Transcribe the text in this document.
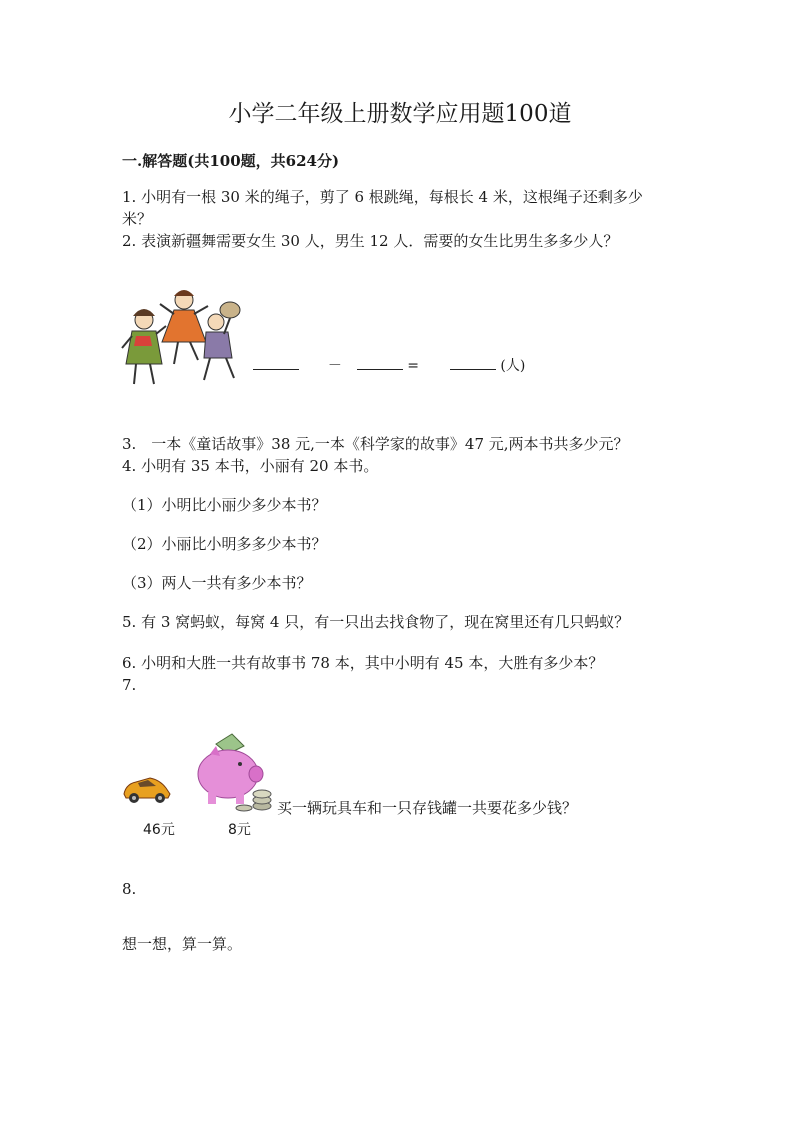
小学二年级上册数学应用题100道
一.解答题(共100题，共624分)
1. 小明有一根 30 米的绳子，剪了 6 根跳绳，每根长 4 米，这根绳子还剩多少
米？
2. 表演新疆舞需要女生 30 人，男生 12 人．需要的女生比男生多多少人？
－	=	(人)
3.　一本《童话故事》38 元,一本《科学家的故事》47 元,两本书共多少元？
4. 小明有 35 本书，小丽有 20 本书。
（1）小明比小丽少多少本书？
（2）小丽比小明多多少本书？
（3）两人一共有多少本书？
5. 有 3 窝蚂蚁，每窝 4 只，有一只出去找食物了，现在窝里还有几只蚂蚁？
6. 小明和大胜一共有故事书 78 本，其中小明有 45 本，大胜有多少本？
7.
买一辆玩具车和一只存钱罐一共要花多少钱？
46元	8元
8.
想一想，算一算。
